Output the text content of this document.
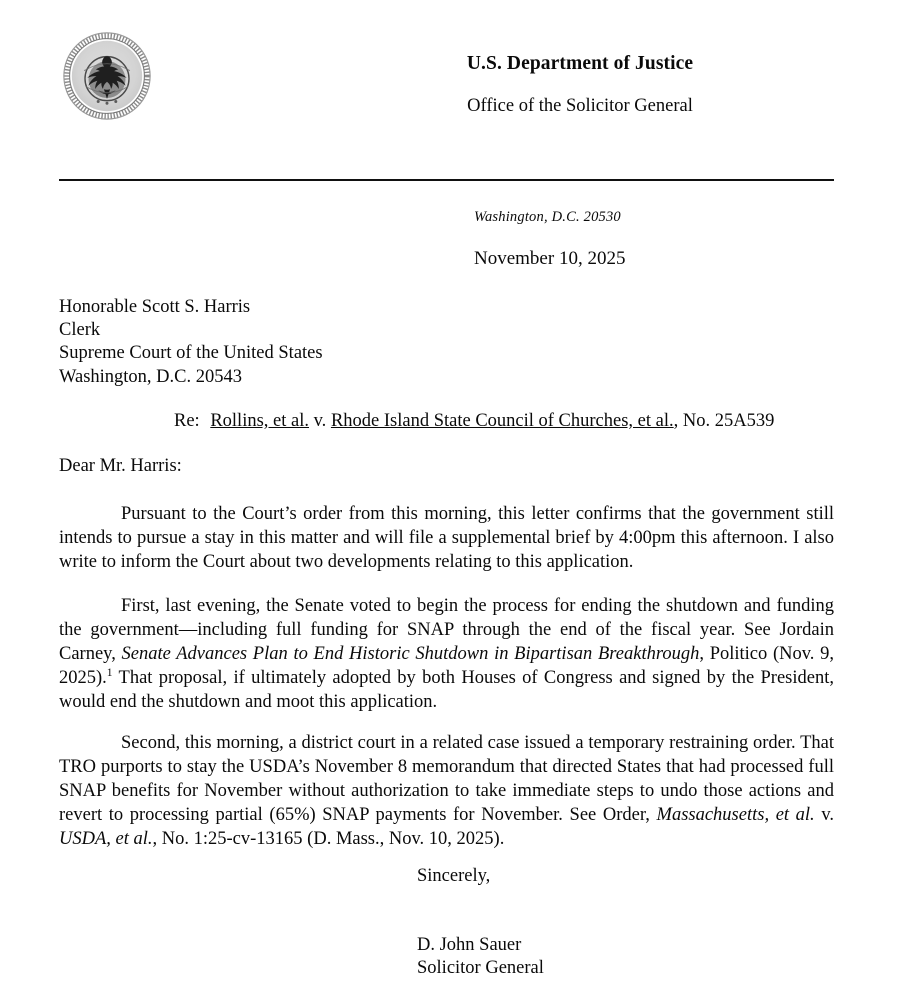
U.S. Department of Justice
Office of the Solicitor General
Washington, D.C. 20530
November 10, 2025
Honorable Scott S. Harris
Clerk
Supreme Court of the United States
Washington, D.C. 20543
Re: Rollins, et al. v. Rhode Island State Council of Churches, et al., No. 25A539
Dear Mr. Harris:

Pursuant to the Court’s order from this morning, this letter confirms that the government still intends to pursue a stay in this matter and will file a supplemental brief by 4:00pm this afternoon. I also write to inform the Court about two developments relating to this application.

First, last evening, the Senate voted to begin the process for ending the shutdown and funding the government—including full funding for SNAP through the end of the fiscal year. See Jordain Carney, Senate Advances Plan to End Historic Shutdown in Bipartisan Breakthrough, Politico (Nov. 9, 2025).$^1$ That proposal, if ultimately adopted by both Houses of Congress and signed by the President, would end the shutdown and moot this application.

Second, this morning, a district court in a related case issued a temporary restraining order. That TRO purports to stay the USDA’s November 8 memorandum that directed States that had processed full SNAP benefits for November without authorization to take immediate steps to undo those actions and revert to processing partial (65%) SNAP payments for November. See Order, Massachusetts, et al. v. USDA, et al., No. 1:25-cv-13165 (D. Mass., Nov. 10, 2025).

Sincerely,
D. John Sauer
Solicitor General
